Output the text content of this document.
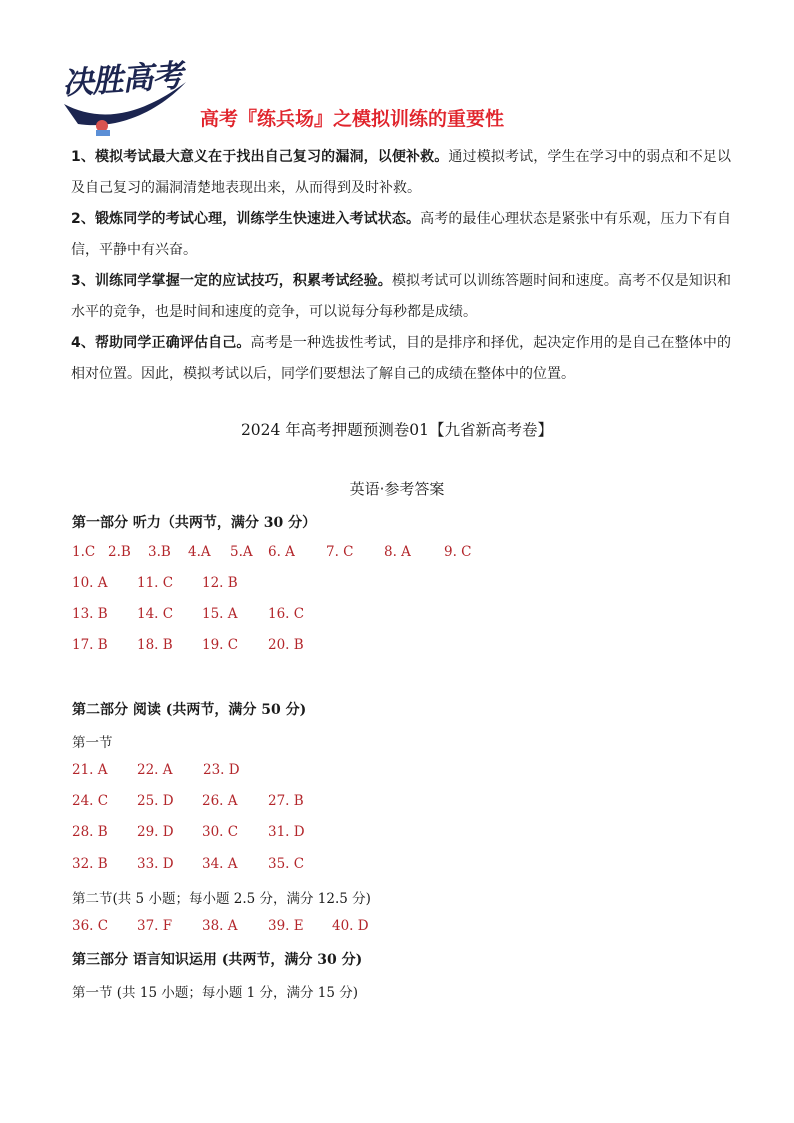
决胜高考
高考『练兵场』之模拟训练的重要性

1、模拟考试最大意义在于找出自己复习的漏洞，以便补救。通过模拟考试，学生在学习中的弱点和不足以及自己复习的漏洞清楚地表现出来，从而得到及时补救。

2、锻炼同学的考试心理，训练学生快速进入考试状态。高考的最佳心理状态是紧张中有乐观，压力下有自信，平静中有兴奋。

3、训练同学掌握一定的应试技巧，积累考试经验。模拟考试可以训练答题时间和速度。高考不仅是知识和水平的竞争，也是时间和速度的竞争，可以说每分每秒都是成绩。

4、帮助同学正确评估自己。高考是一种选拔性考试，目的是排序和择优，起决定作用的是自己在整体中的相对位置。因此，模拟考试以后，同学们要想法了解自己的成绩在整体中的位置。

2024 年高考押题预测卷01【九省新高考卷】
英语·参考答案
第一部分 听力（共两节，满分 30 分）
1.C 2.B 3.B 4.A 5.A 6. A 7. C 8. A 9. C
10. A 11. C 12. B
13. B 14. C 15. A 16. C
17. B 18. B 19. C 20. B
第二部分 阅读 (共两节，满分 50 分)
第一节
21. A 22. A 23. D
24. C 25. D 26. A 27. B
28. B 29. D 30. C 31. D
32. B 33. D 34. A 35. C
第二节(共 5 小题；每小题 2.5 分，满分 12.5 分)
36. C 37. F 38. A 39. E 40. D
第三部分 语言知识运用 (共两节，满分 30 分)
第一节 (共 15 小题；每小题 1 分，满分 15 分)
